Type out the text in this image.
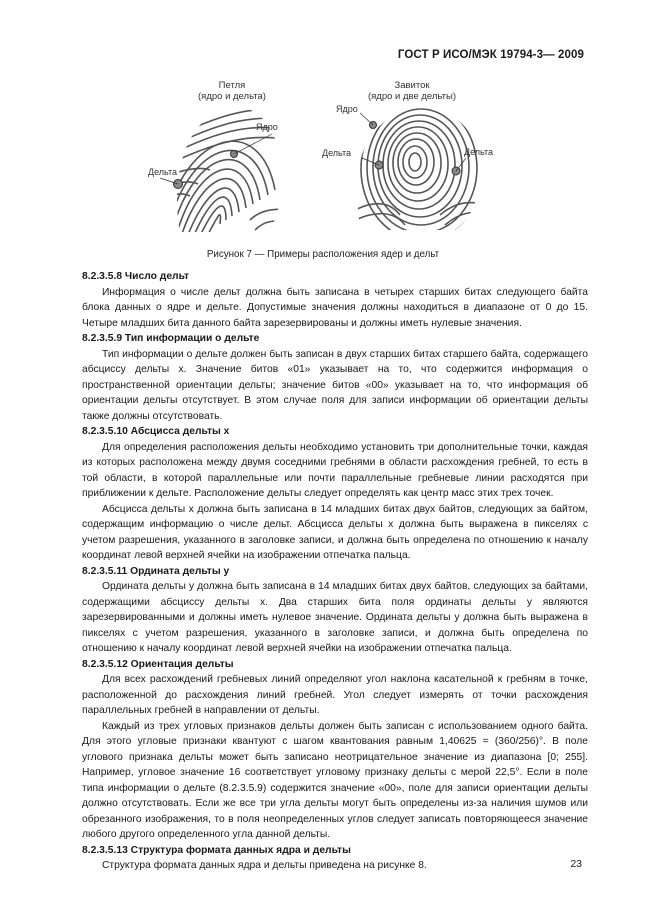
ГОСТ Р ИСО/МЭК 19794-3— 2009
Петля
(ядро и дельта)
Ядро
Дельта
Завиток
(ядро и две дельты)
Ядро
Дельта	Дельта
Рисунок 7 — Примеры расположения ядер и дельт
8.2.3.5.8 Число дельт

Информация о числе дельт должна быть записана в четырех старших битах следующего байта блока данных о ядре и дельте. Допустимые значения должны находиться в диапазоне от 0 до 15. Четыре младших бита данного байта зарезервированы и должны иметь нулевые значения.

8.2.3.5.9 Тип информации о дельте

Тип информации о дельте должен быть записан в двух старших битах старшего байта, содержащего абсциссу дельты x. Значение битов «01» указывает на то, что содержится информация о пространственной ориентации дельты; значение битов «00» указывает на то, что информация об ориентации дельты отсутствует. В этом случае поля для записи информации об ориентации дельты также должны отсутствовать.

8.2.3.5.10 Абсцисса дельты x

Для определения расположения дельты необходимо установить три дополнительные точки, каждая из которых расположена между двумя соседними гребнями в области расхождения гребней, то есть в той области, в которой параллельные или почти параллельные гребневые линии расходятся при приближении к дельте. Расположение дельты следует определять как центр масс этих трех точек.

Абсцисса дельты x должна быть записана в 14 младших битах двух байтов, следующих за байтом, содержащим информацию о числе дельт. Абсцисса дельты x должна быть выражена в пикселях с учетом разрешения, указанного в заголовке записи, и должна быть определена по отношению к началу координат левой верхней ячейки на изображении отпечатка пальца.

8.2.3.5.11 Ордината дельты y

Ордината дельты y должна быть записана в 14 младших битах двух байтов, следующих за байтами, содержащими абсциссу дельты x. Два старших бита поля ординаты дельты y являются зарезервированными и должны иметь нулевое значение. Ордината дельты y должна быть выражена в пикселях с учетом разрешения, указанного в заголовке записи, и должна быть определена по отношению к началу координат левой верхней ячейки на изображении отпечатка пальца.

8.2.3.5.12 Ориентация дельты

Для всех расхождений гребневых линий определяют угол наклона касательной к гребням в точке, расположенной до расхождения линий гребней. Угол следует измерять от точки расхождения параллельных гребней в направлении от дельты.

Каждый из трех угловых признаков дельты должен быть записан с использованием одного байта. Для этого угловые признаки квантуют с шагом квантования равным 1,40625 = (360/256)°. В поле углового признака дельты может быть записано неотрицательное значение из диапазона [0; 255]. Например, угловое значение 16 соответствует угловому признаку дельты с мерой 22,5°. Если в поле типа информации о дельте (8.2.3.5.9) содержится значение «00», поле для записи ориентации дельты должно отсутствовать. Если же все три угла дельты могут быть определены из-за наличия шумов или обрезанного изображения, то в поля неопределенных углов следует записать повторяющееся значение любого другого определенного угла данной дельты.

8.2.3.5.13 Структура формата данных ядра и дельты

Структура формата данных ядра и дельты приведена на рисунке 8.	23
